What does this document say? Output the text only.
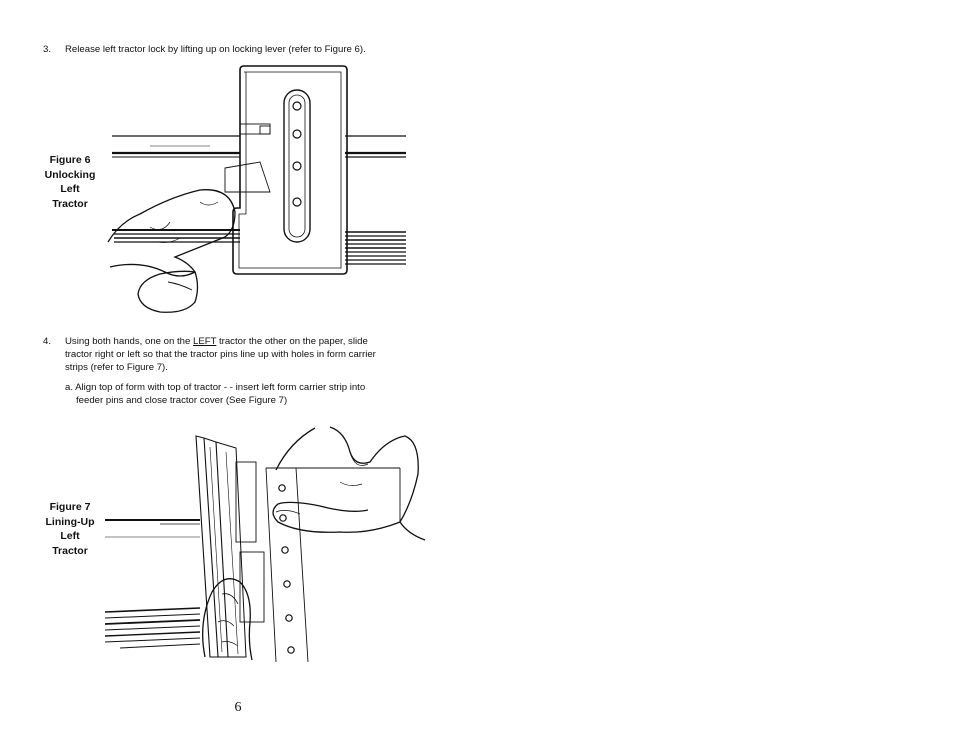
3. Release left tractor lock by lifting up on locking lever (refer to Figure 6).
Figure 6
Unlocking
Left
Tractor
4. Using both hands, one on the LEFT tractor the other on the paper, slide
tractor right or left so that the tractor pins line up with holes in form carrier
strips (refer to Figure 7).
a. Align top of form with top of tractor - - insert left form carrier strip into
feeder pins and close tractor cover (See Figure 7)
Figure 7
Lining-Up
Left
Tractor
6
